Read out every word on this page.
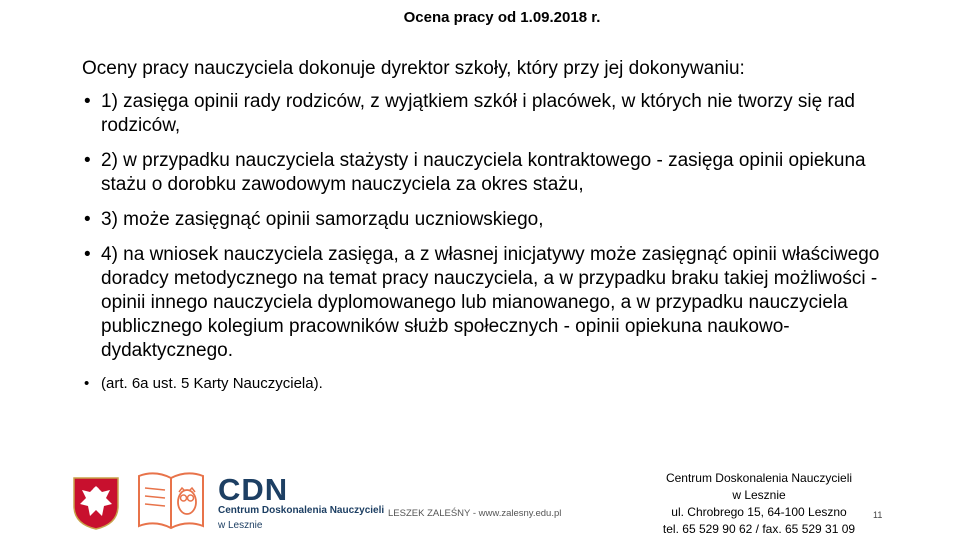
Ocena pracy od 1.09.2018 r.
Oceny pracy nauczyciela dokonuje dyrektor szkoły, który przy jej dokonywaniu:
• 1) zasięga opinii rady rodziców, z wyjątkiem szkół i placówek, w których nie tworzy się rad rodziców,
• 2) w przypadku nauczyciela stażysty i nauczyciela kontraktowego - zasięga opinii opiekuna stażu o dorobku zawodowym nauczyciela za okres stażu,
• 3) może zasięgnąć opinii samorządu uczniowskiego,
• 4) na wniosek nauczyciela zasięga, a z własnej inicjatywy może zasięgnąć opinii właściwego doradcy metodycznego na temat pracy nauczyciela, a w przypadku braku takiej możliwości - opinii innego nauczyciela dyplomowanego lub mianowanego, a w przypadku nauczyciela publicznego kolegium pracowników służb społecznych - opinii opiekuna naukowo-dydaktycznego.
• (art. 6a ust. 5 Karty Nauczyciela).
CDN
Centrum Doskonalenia Nauczycieli
w Lesznie
LESZEK ZALEŚNY - www.zalesny.edu.pl
Centrum Doskonalenia Nauczycieli
w Lesznie
ul. Chrobrego 15, 64-100 Leszno
tel. 65 529 90 62 / fax. 65 529 31 09
11
